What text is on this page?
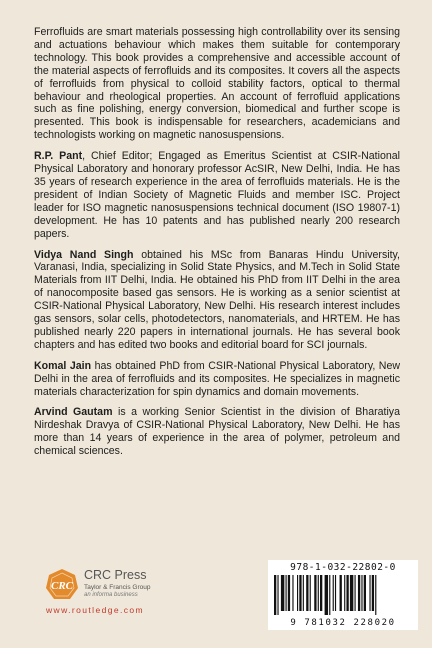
Ferrofluids are smart materials possessing high controllability over its sensing and actuations behaviour which makes them suitable for contemporary technology. This book provides a comprehensive and accessible account of the material aspects of ferrofluids and its composites. It covers all the aspects of ferrofluids from physical to colloid stability factors, optical to thermal behaviour and rheological properties. An account of ferrofluid applications such as fine polishing, energy conversion, biomedical and further scope is presented. This book is indispensable for researchers, academicians and technologists working on magnetic nanosuspensions.

R.P. Pant, Chief Editor; Engaged as Emeritus Scientist at CSIR-National Physical Laboratory and honorary professor AcSIR, New Delhi, India. He has 35 years of research experience in the area of ferrofluids materials. He is the president of Indian Society of Magnetic Fluids and member ISC. Project leader for ISO magnetic nanosuspensions technical document (ISO 19807-1) development. He has 10 patents and has published nearly 200 research papers.

Vidya Nand Singh obtained his MSc from Banaras Hindu University, Varanasi, India, specializing in Solid State Physics, and M.Tech in Solid State Materials from IIT Delhi, India. He obtained his PhD from IIT Delhi in the area of nanocomposite based gas sensors. He is working as a senior scientist at CSIR-National Physical Laboratory, New Delhi. His research interest includes gas sensors, solar cells, photodetectors, nanomaterials, and HRTEM. He has published nearly 220 papers in international journals. He has several book chapters and has edited two books and editorial board for SCI journals.

Komal Jain has obtained PhD from CSIR-National Physical Laboratory, New Delhi in the area of ferrofluids and its composites. He specializes in magnetic materials characterization for spin dynamics and domain movements.

Arvind Gautam is a working Senior Scientist in the division of Bharatiya Nirdeshak Dravya of CSIR-National Physical Laboratory, New Delhi. He has more than 14 years of experience in the area of polymer, petroleum and chemical sciences.

CRC
CRC Press
Taylor & Francis Group
an informa business
www.routledge.com
978-1-032-22802-0
9 781032 228020
